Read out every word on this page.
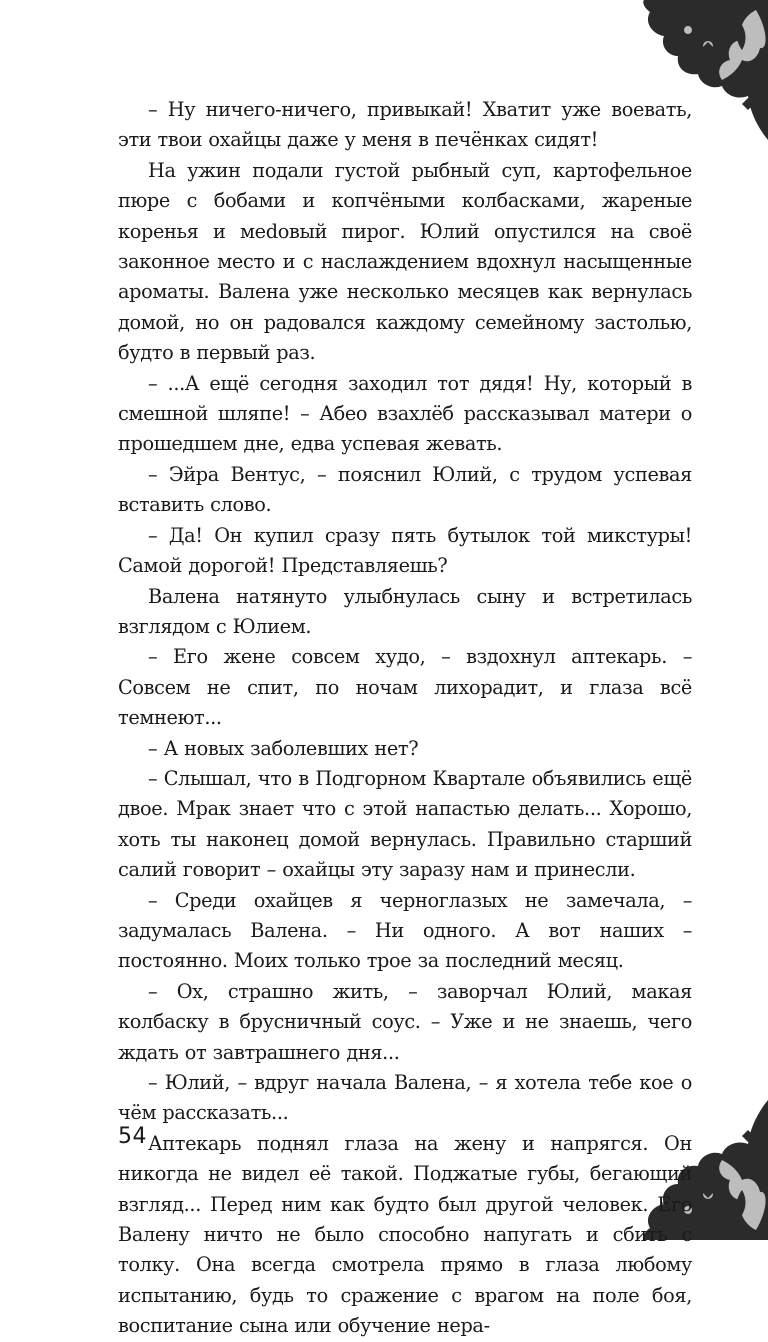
– Ну ничего-ничего, привыкай! Хватит уже воевать, эти твои охайцы даже у меня в печёнках сидят!

На ужин подали густой рыбный суп, картофельное пюре с бобами и копчёными колбасками, жареные коренья и меdовый пирог. Юлий опустился на своё законное место и с наслаждением вдохнул насыщенные ароматы. Валена уже несколько месяцев как вернулась домой, но он радовался каждому семейному застолью, будто в первый раз.

– ...А ещё сегодня заходил тот дядя! Ну, который в смешной шляпе! – Абео взахлёб рассказывал матери о прошедшем дне, едва успевая жевать.

– Эйра Вентус, – пояснил Юлий, с трудом успевая вставить слово.

– Да! Он купил сразу пять бутылок той микстуры! Самой дорогой! Представляешь?

Валена натянуто улыбнулась сыну и встретилась взглядом с Юлием.

– Его жене совсем худо, – вздохнул аптекарь. – Совсем не спит, по ночам лихорадит, и глаза всё темнеют...

– А новых заболевших нет?

– Слышал, что в Подгорном Квартале объявились ещё двое. Мрак знает что с этой напастью делать... Хорошо, хоть ты наконец домой вернулась. Правильно старший салий говорит – охайцы эту заразу нам и принесли.

– Среди охайцев я черноглазых не замечала, – задумалась Валена. – Ни одного. А вот наших – постоянно. Моих только трое за последний месяц.

– Ох, страшно жить, – заворчал Юлий, макая колбаску в брусничный соус. – Уже и не знаешь, чего ждать от завтрашнего дня...

– Юлий, – вдруг начала Валена, – я хотела тебе кое о чём рассказать...

Аптекарь поднял глаза на жену и напрягся. Он никогда не видел её такой. Поджатые губы, бегающий взгляд... Перед ним как будто был другой человек. Его Валену ничто не было способно напугать и сбить с толку. Она всегда смотрела прямо в глаза любому испытанию, будь то сражение с врагом на поле боя, воспитание сына или обучение нера-

54
